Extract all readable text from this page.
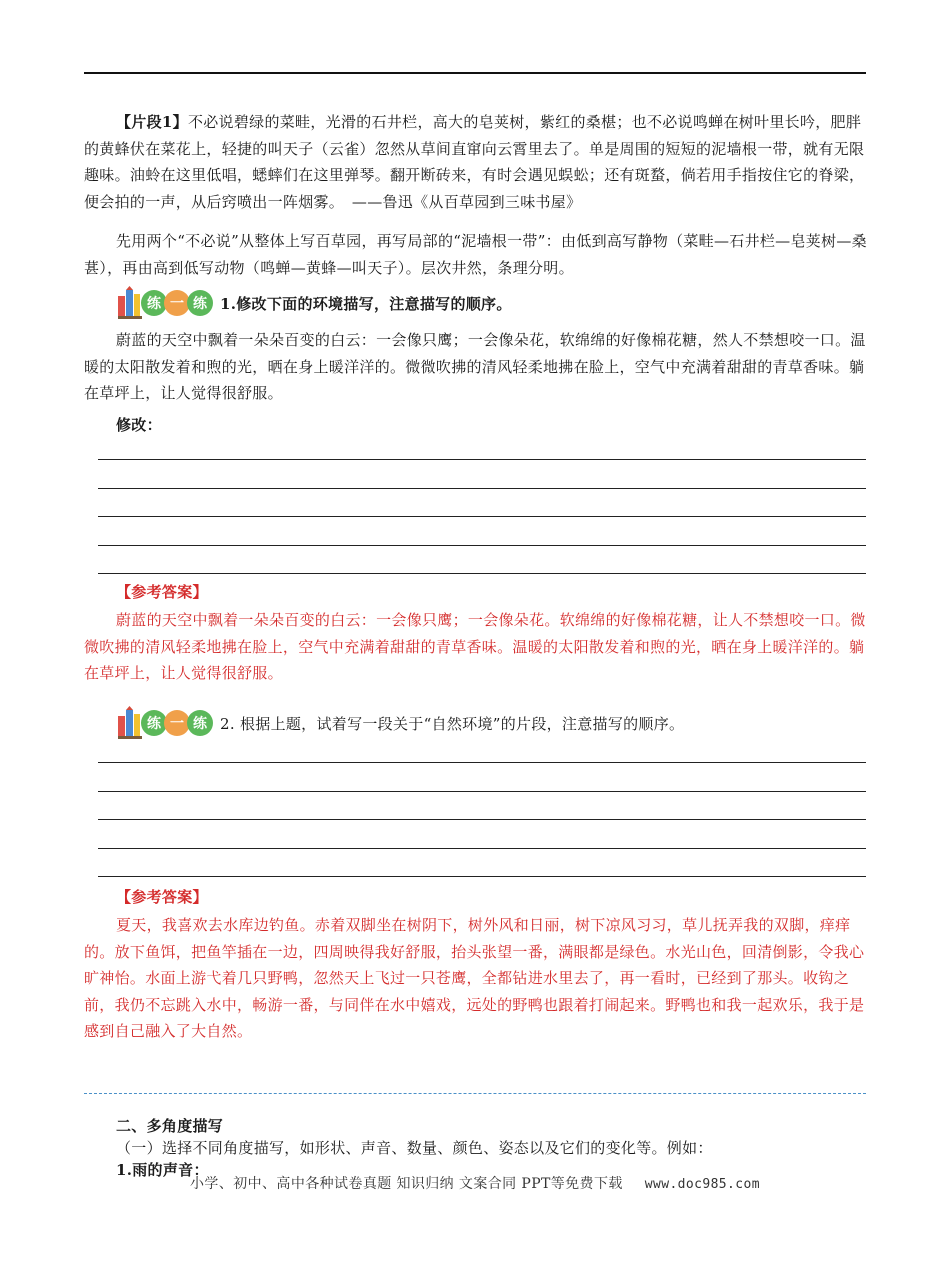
【片段1】不必说碧绿的菜畦，光滑的石井栏，高大的皂荚树，紫红的桑椹；也不必说鸣蝉在树叶里长吟，肥胖的黄蜂伏在菜花上，轻捷的叫天子（云雀）忽然从草间直窜向云霄里去了。单是周围的短短的泥墙根一带，就有无限趣味。油蛉在这里低唱，蟋蟀们在这里弹琴。翻开断砖来，有时会遇见蜈蚣；还有斑蝥，倘若用手指按住它的脊梁，便会拍的一声，从后窍喷出一阵烟雾。　——鲁迅《从百草园到三味书屋》
先用两个“不必说”从整体上写百草园，再写局部的“泥墙根一带”：由低到高写静物（菜畦—石井栏—皂荚树—桑葚），再由高到低写动物（鸣蝉—黄蜂—叫天子）。层次井然，条理分明。
练 一 练 1.修改下面的环境描写，注意描写的顺序。
蔚蓝的天空中飘着一朵朵百变的白云：一会像只鹰；一会像朵花，软绵绵的好像棉花糖，然人不禁想咬一口。温暖的太阳散发着和煦的光，晒在身上暖洋洋的。微微吹拂的清风轻柔地拂在脸上，空气中充满着甜甜的青草香味。躺在草坪上，让人觉得很舒服。
修改：
【参考答案】
蔚蓝的天空中飘着一朵朵百变的白云：一会像只鹰；一会像朵花。软绵绵的好像棉花糖，让人不禁想咬一口。微微吹拂的清风轻柔地拂在脸上，空气中充满着甜甜的青草香味。温暖的太阳散发着和煦的光，晒在身上暖洋洋的。躺在草坪上，让人觉得很舒服。
练 一 练 2. 根据上题，试着写一段关于“自然环境”的片段，注意描写的顺序。
【参考答案】
夏天，我喜欢去水库边钓鱼。赤着双脚坐在树阴下，树外风和日丽，树下凉风习习，草儿抚弄我的双脚，痒痒的。放下鱼饵，把鱼竿插在一边，四周映得我好舒服，抬头张望一番，满眼都是绿色。水光山色，回清倒影，令我心旷神怡。水面上游弋着几只野鸭，忽然天上飞过一只苍鹰，全都钻进水里去了，再一看时，已经到了那头。收钩之前，我仍不忘跳入水中，畅游一番，与同伴在水中嬉戏，远处的野鸭也跟着打闹起来。野鸭也和我一起欢乐，我于是感到自己融入了大自然。
二、多角度描写
（一）选择不同角度描写，如形状、声音、数量、颜色、姿态以及它们的变化等。例如：
1.雨的声音：
小学、初中、高中各种试卷真题 知识归纳 文案合同 PPT等免费下载 www.doc985.com
